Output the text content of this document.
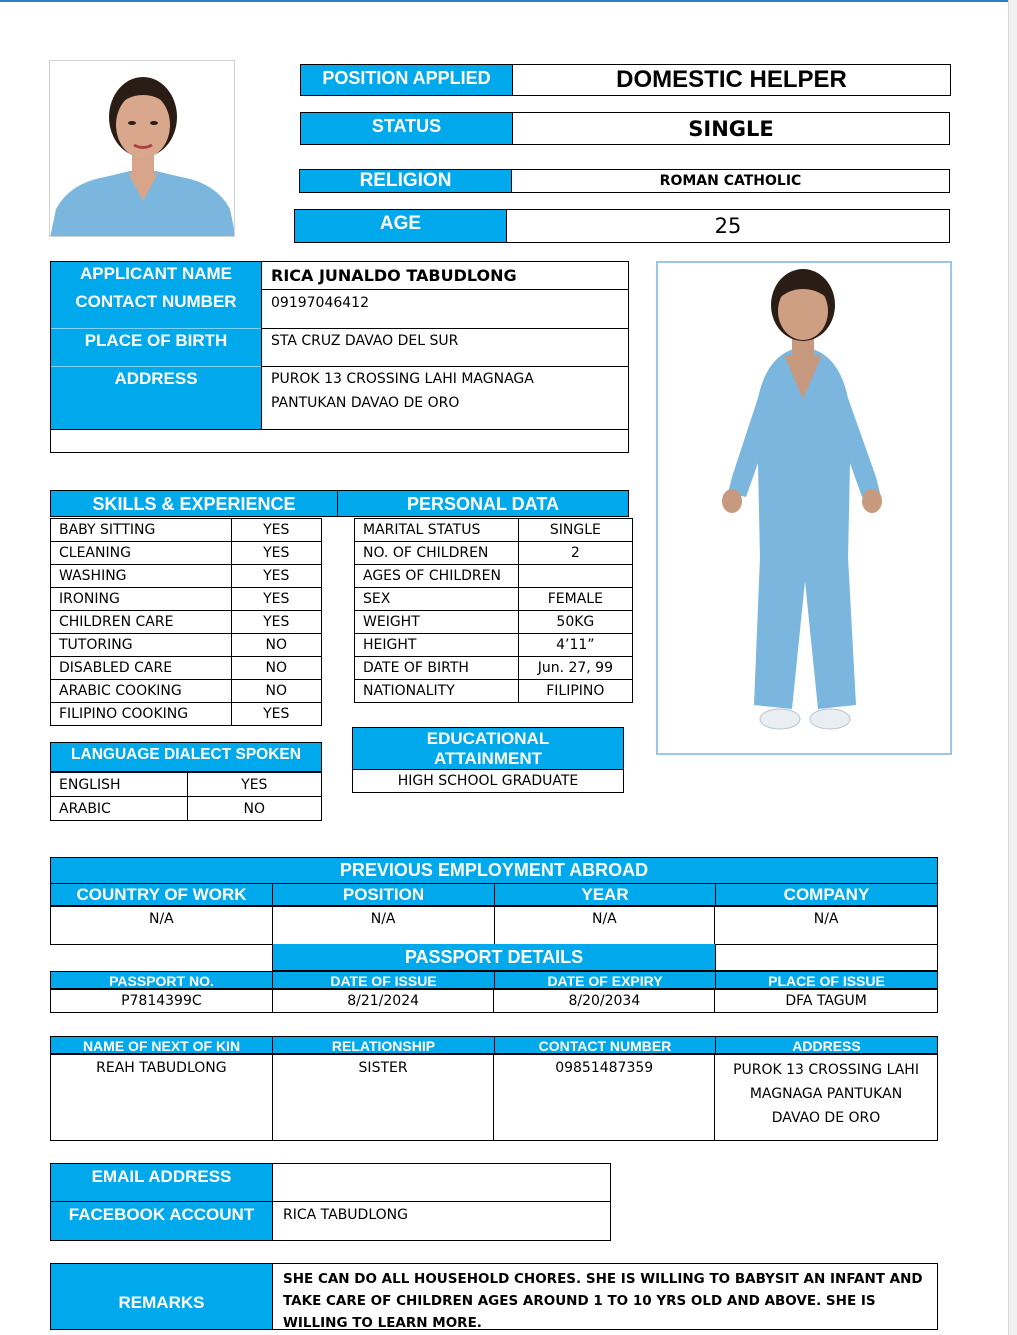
POSITION APPLIED	DOMESTIC HELPER
STATUS	SINGLE
RELIGION	ROMAN CATHOLIC
AGE	25
APPLICANT NAME	RICA JUNALDO TABUDLONG
CONTACT NUMBER	09197046412
PLACE OF BIRTH	STA CRUZ DAVAO DEL SUR
ADDRESS	PUROK 13 CROSSING LAHI MAGNAGA
PANTUKAN DAVAO DE ORO
SKILLS & EXPERIENCE	PERSONAL DATA
BABY SITTING	YES
CLEANING	YES
WASHING	YES
IRONING	YES
CHILDREN CARE	YES
TUTORING	NO
DISABLED CARE	NO
ARABIC COOKING	NO
FILIPINO COOKING	YES
MARITAL STATUS	SINGLE
NO. OF CHILDREN	2
AGES OF CHILDREN	
SEX	FEMALE
WEIGHT	50KG
HEIGHT	4’11”
DATE OF BIRTH	Jun. 27, 99
NATIONALITY	FILIPINO
LANGUAGE DIALECT SPOKEN
ENGLISH	YES
ARABIC	NO
EDUCATIONAL
ATTAINMENT
HIGH SCHOOL GRADUATE
PREVIOUS EMPLOYMENT ABROAD
COUNTRY OF WORK	POSITION	YEAR	COMPANY
N/A	N/A	N/A	N/A
PASSPORT DETAILS
PASSPORT NO.	DATE OF ISSUE	DATE OF EXPIRY	PLACE OF ISSUE
P7814399C	8/21/2024	8/20/2034	DFA TAGUM
NAME OF NEXT OF KIN	RELATIONSHIP	CONTACT NUMBER	ADDRESS
REAH TABUDLONG	SISTER	09851487359	PUROK 13 CROSSING LAHI
MAGNAGA PANTUKAN
DAVAO DE ORO
EMAIL ADDRESS
FACEBOOK ACCOUNT	RICA TABUDLONG
REMARKS
SHE CAN DO ALL HOUSEHOLD CHORES. SHE IS WILLING TO BABYSIT AN INFANT AND
TAKE CARE OF CHILDREN AGES AROUND 1 TO 10 YRS OLD AND ABOVE. SHE IS
WILLING TO LEARN MORE.
